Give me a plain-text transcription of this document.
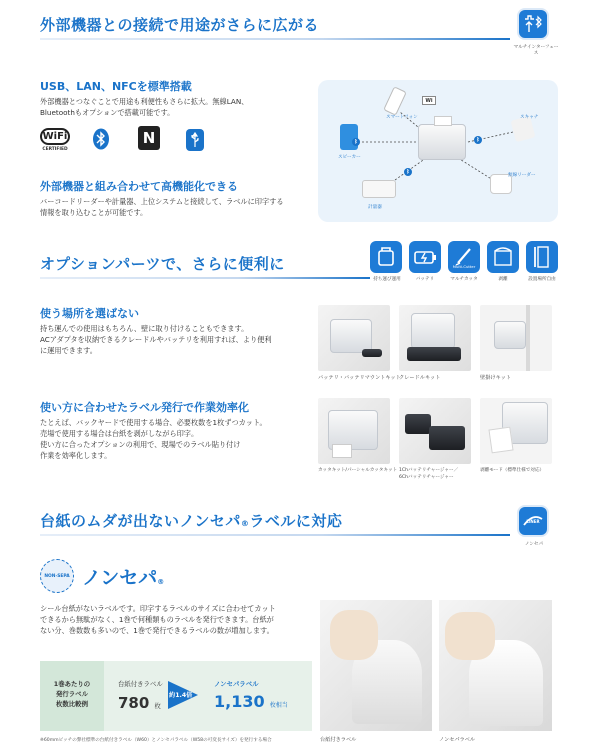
外部機器との接続で用途がさらに広がる
マルチインターフェース
USB、LAN、NFCを標準搭載
外部機器とつなぐことで用途も利便性もさらに拡大。無線LAN、
Bluetoothもオプションで搭載可能です。
WiFi
CERTIFIED
N
外部機器と組み合わせて高機能化できる
バーコードリーダーや計量器、上位システムと接続して、ラベルに印字する
情報を取り込むことが可能です。
スマートフォン
Wi
スピーカー
スキャナ
無線リーダー
計量器
ᛒ	ᛒ
ᛒ
オプションパーツで、さらに便利に	Multi-Cutter
持ち運び運用	バッテリ	マルチカッタ	剥離	設置場所自由
使う場所を選ばない
持ち運んでの使用はもちろん、壁に取り付けることもできます。
ACアダプタを収納できるクレードルやバッテリを利用すれば、より便利
に運用できます。
バッテリ・バッテリマウントキット
クレードルキット	壁掛けキット
使い方に合わせたラベル発行で作業効率化
たとえば、バックヤードで使用する場合、必要枚数を1枚ずつカット。
売場で使用する場合は台紙を剥がしながら印字。
使い方に合ったオプションの利用で、現場でのラベル貼り付け
作業を効率化します。
カッタキット/パーシャルカッタキット 1Chバッテリチャージャー／
6Chバッテリチャージャー
剥離モード（標準仕様で対応）
台紙のムダが出ないノンセパ®ラベルに対応	LINER
ノンセパ
NON-SEPA ノンセパ®
シール台紙がないラベルです。印字するラベルのサイズに合わせてカット
できるから無駄がなく、1巻で何種類ものラベルを発行できます。台紙が
ない分、巻数数も多いので、1巻で発行できるラベルの数が増加します。
1巻あたりの
発行ラベル
枚数比較例
台紙付きラベル
780 枚
約1.4倍
ノンセパラベル
1,130 枚相当
※60mmピッチの弊社標準の台紙付きラベル（W60）とノンセパラベル（W58の可変長サイズ）を発行する場合	台紙付きラベル	ノンセパラベル
